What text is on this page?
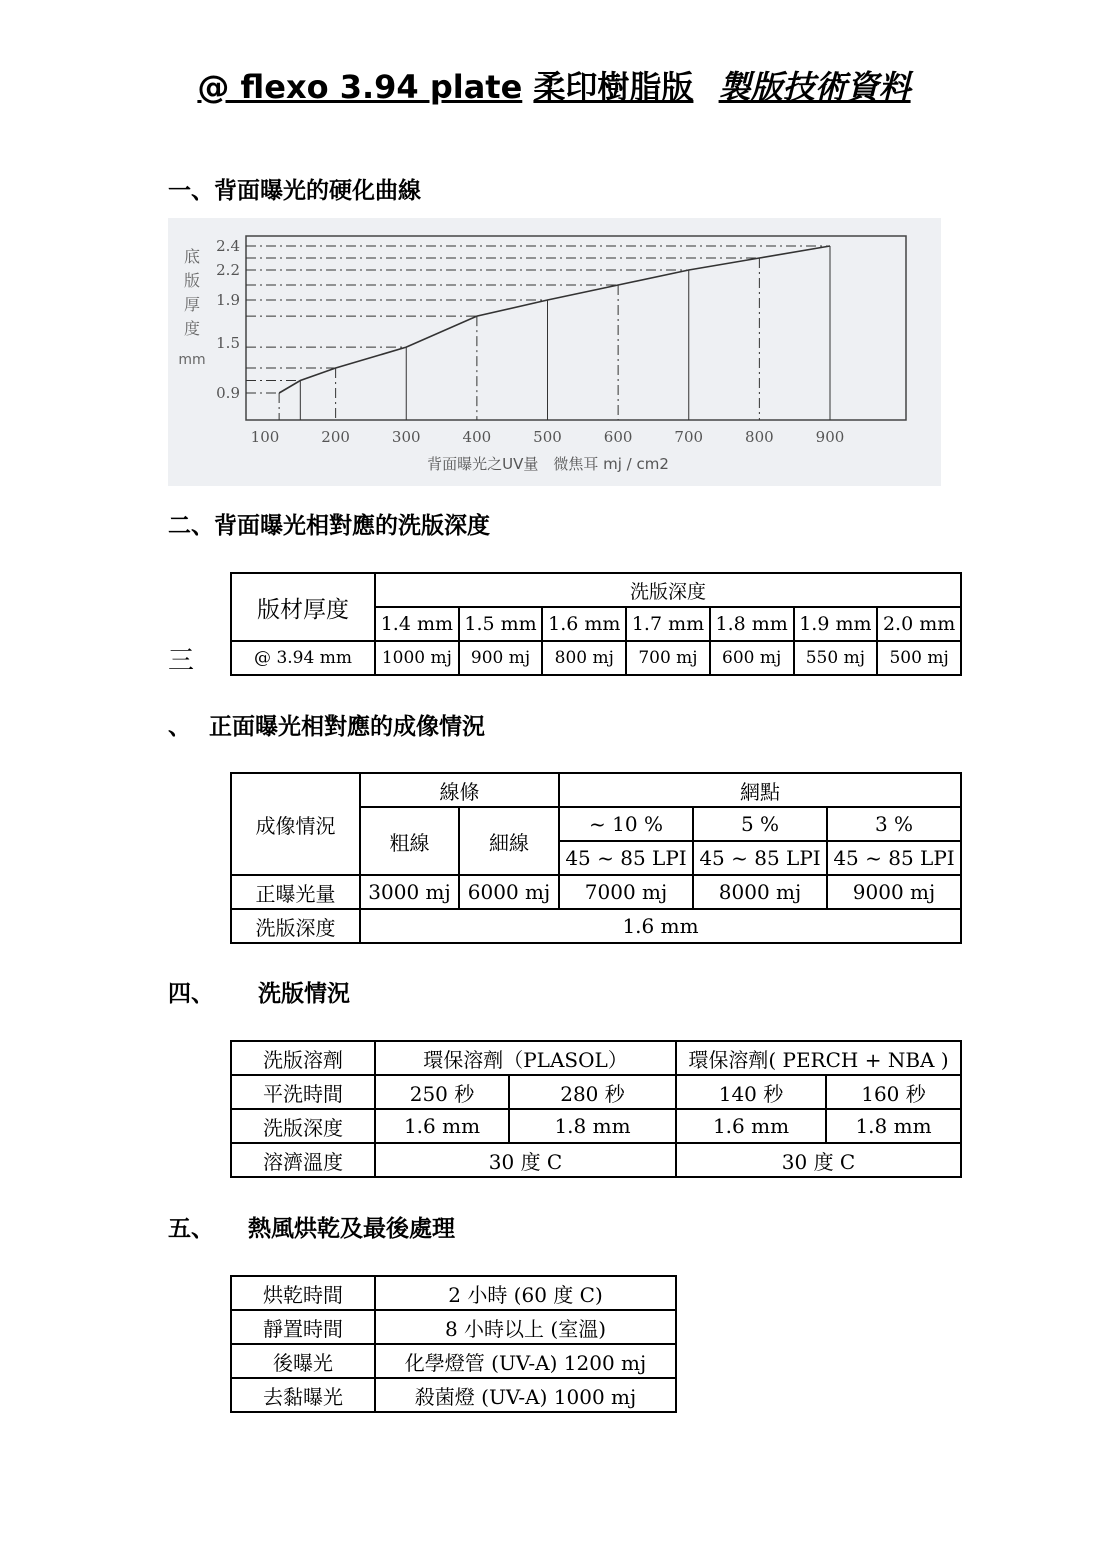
@ flexo 3.94 plate 柔印樹脂版 製版技術資料
一、背面曝光的硬化曲線
0.9
1.5
1.9
2.2
2.4
100	200	300	400	500	600	700	800	900
底
版
厚
度
mm
背面曝光之UV量　微焦耳 mj / cm2
二、背面曝光相對應的洗版深度
版材厚度	洗版深度						
	1.4 mm	1.5 mm	1.6 mm	1.7 mm	1.8 mm	1.9 mm	2.0 mm
@ 3.94 mm	1000 mj	900 mj	800 mj	700 mj	600 mj	550 mj	500 mj
三
、 正面曝光相對應的成像情況
成像情況	線條		網點		
	粗線	細線	~ 10 %	5 %	3 %
			45 ~ 85 LPI	45 ~ 85 LPI	45 ~ 85 LPI
正曝光量	3000 mj	6000 mj	7000 mj	8000 mj	9000 mj
洗版深度	1.6 mm				
四、 洗版情況
洗版溶劑	環保溶劑（PLASOL）		環保溶劑( PERCH + NBA )	
平洗時間	250 秒	280 秒	140 秒	160 秒
洗版深度	1.6 mm	1.8 mm	1.6 mm	1.8 mm
溶濟溫度	30 度 C		30 度 C	
五、 熱風烘乾及最後處理
烘乾時間	2 小時 (60 度 C)
靜置時間	8 小時以上 (室溫)
後曝光	化學燈管 (UV-A) 1200 mj
去黏曝光	殺菌燈 (UV-A) 1000 mj
